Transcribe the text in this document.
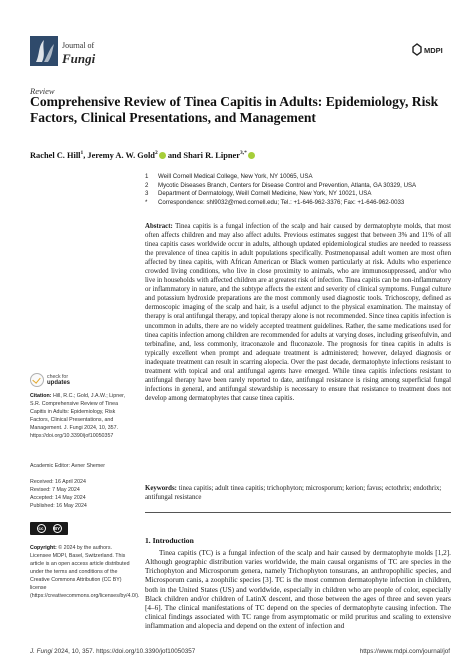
Journal of
Fungi
MDPI
Review
Comprehensive Review of Tinea Capitis in Adults: Epidemiology, Risk Factors, Clinical Presentations, and Management
Rachel C. Hill$^1$, Jeremy A. W. Gold$^2$ and Shari R. Lipner$^{3,*}$
1	Weill Cornell Medical College, New York, NY 10065, USA
2	Mycotic Diseases Branch, Centers for Disease Control and Prevention, Atlanta, GA 30329, USA
3	Department of Dermatology, Weill Cornell Medicine, New York, NY 10021, USA
*	Correspondence: shl9032@med.cornell.edu; Tel.: +1-646-962-3376; Fax: +1-646-962-0033
Abstract: Tinea capitis is a fungal infection of the scalp and hair caused by dermatophyte molds, that most often affects children and may also affect adults. Previous estimates suggest that between 3% and 11% of all tinea capitis cases worldwide occur in adults, although updated epidemiological studies are needed to reassess the prevalence of tinea capitis in adult populations specifically. Postmenopausal adult women are most often affected by tinea capitis, with African American or Black women particularly at risk. Adults who experience crowded living conditions, who live in close proximity to animals, who are immunosuppressed, and/or who live in households with affected children are at greatest risk of infection. Tinea capitis can be non-inflammatory or inflammatory in nature, and the subtype affects the extent and severity of clinical symptoms. Fungal culture and potassium hydroxide preparations are the most commonly used diagnostic tools. Trichoscopy, defined as dermoscopic imaging of the scalp and hair, is a useful adjunct to the physical examination. The mainstay of therapy is oral antifungal therapy, and topical therapy alone is not recommended. Since tinea capitis infection is uncommon in adults, there are no widely accepted treatment guidelines. Rather, the same medications used for tinea capitis infection among children are recommended for adults at varying doses, including griseofulvin, and terbinafine, and, less commonly, itraconazole and fluconazole. The prognosis for tinea capitis in adults is typically excellent when prompt and adequate treatment is administered; however, delayed diagnosis or inadequate treatment can result in scarring alopecia. Over the past decade, dermatophyte infections resistant to treatment with topical and oral antifungal agents have emerged. While tinea capitis infections resistant to antifungal therapy have been rarely reported to date, antifungal resistance is rising among superficial fungal infections in general, and antifungal stewardship is necessary to ensure that resistance to treatment does not develop among dermatophytes that cause tinea capitis.
Keywords: tinea capitis; adult tinea capitis; trichophyton; microsporum; kerion; favus; ectothrix; endothrix; antifungal resistance
check for
updates
Citation: Hill, R.C.; Gold, J.A.W.; Lipner, S.R. Comprehensive Review of Tinea Capitis in Adults: Epidemiology, Risk Factors, Clinical Presentations, and Management. J. Fungi 2024, 10, 357. https://doi.org/10.3390/jof10050357
Academic Editor: Avner Shemer
Received: 16 April 2024
Revised: 7 May 2024
Accepted: 14 May 2024
Published: 16 May 2024
cc	BY
Copyright: © 2024 by the authors. Licensee MDPI, Basel, Switzerland. This article is an open access article distributed under the terms and conditions of the Creative Commons Attribution (CC BY) license (https://creativecommons.org/licenses/by/4.0/).
1. Introduction
Tinea capitis (TC) is a fungal infection of the scalp and hair caused by dermatophyte molds [1,2]. Although geographic distribution varies worldwide, the main causal organisms of TC are species in the Trichophyton and Microsporum genera, namely Trichophyton tonsurans, an anthropophilic species, and Microsporum canis, a zoophilic species [3]. TC is the most common dermatophyte infection in children, both in the United States (US) and worldwide, especially in children who are people of color, especially Black children and/or children of LatinX descent, and those between the ages of three and seven years [4–6]. The clinical manifestations of TC depend on the species of dermatophyte causing infection. The clinical findings associated with TC range from asymptomatic or mild pruritus and scaling to extensive inflammation and alopecia and depend on the extent of infection and
J. Fungi 2024, 10, 357. https://doi.org/10.3390/jof10050357	https://www.mdpi.com/journal/jof
